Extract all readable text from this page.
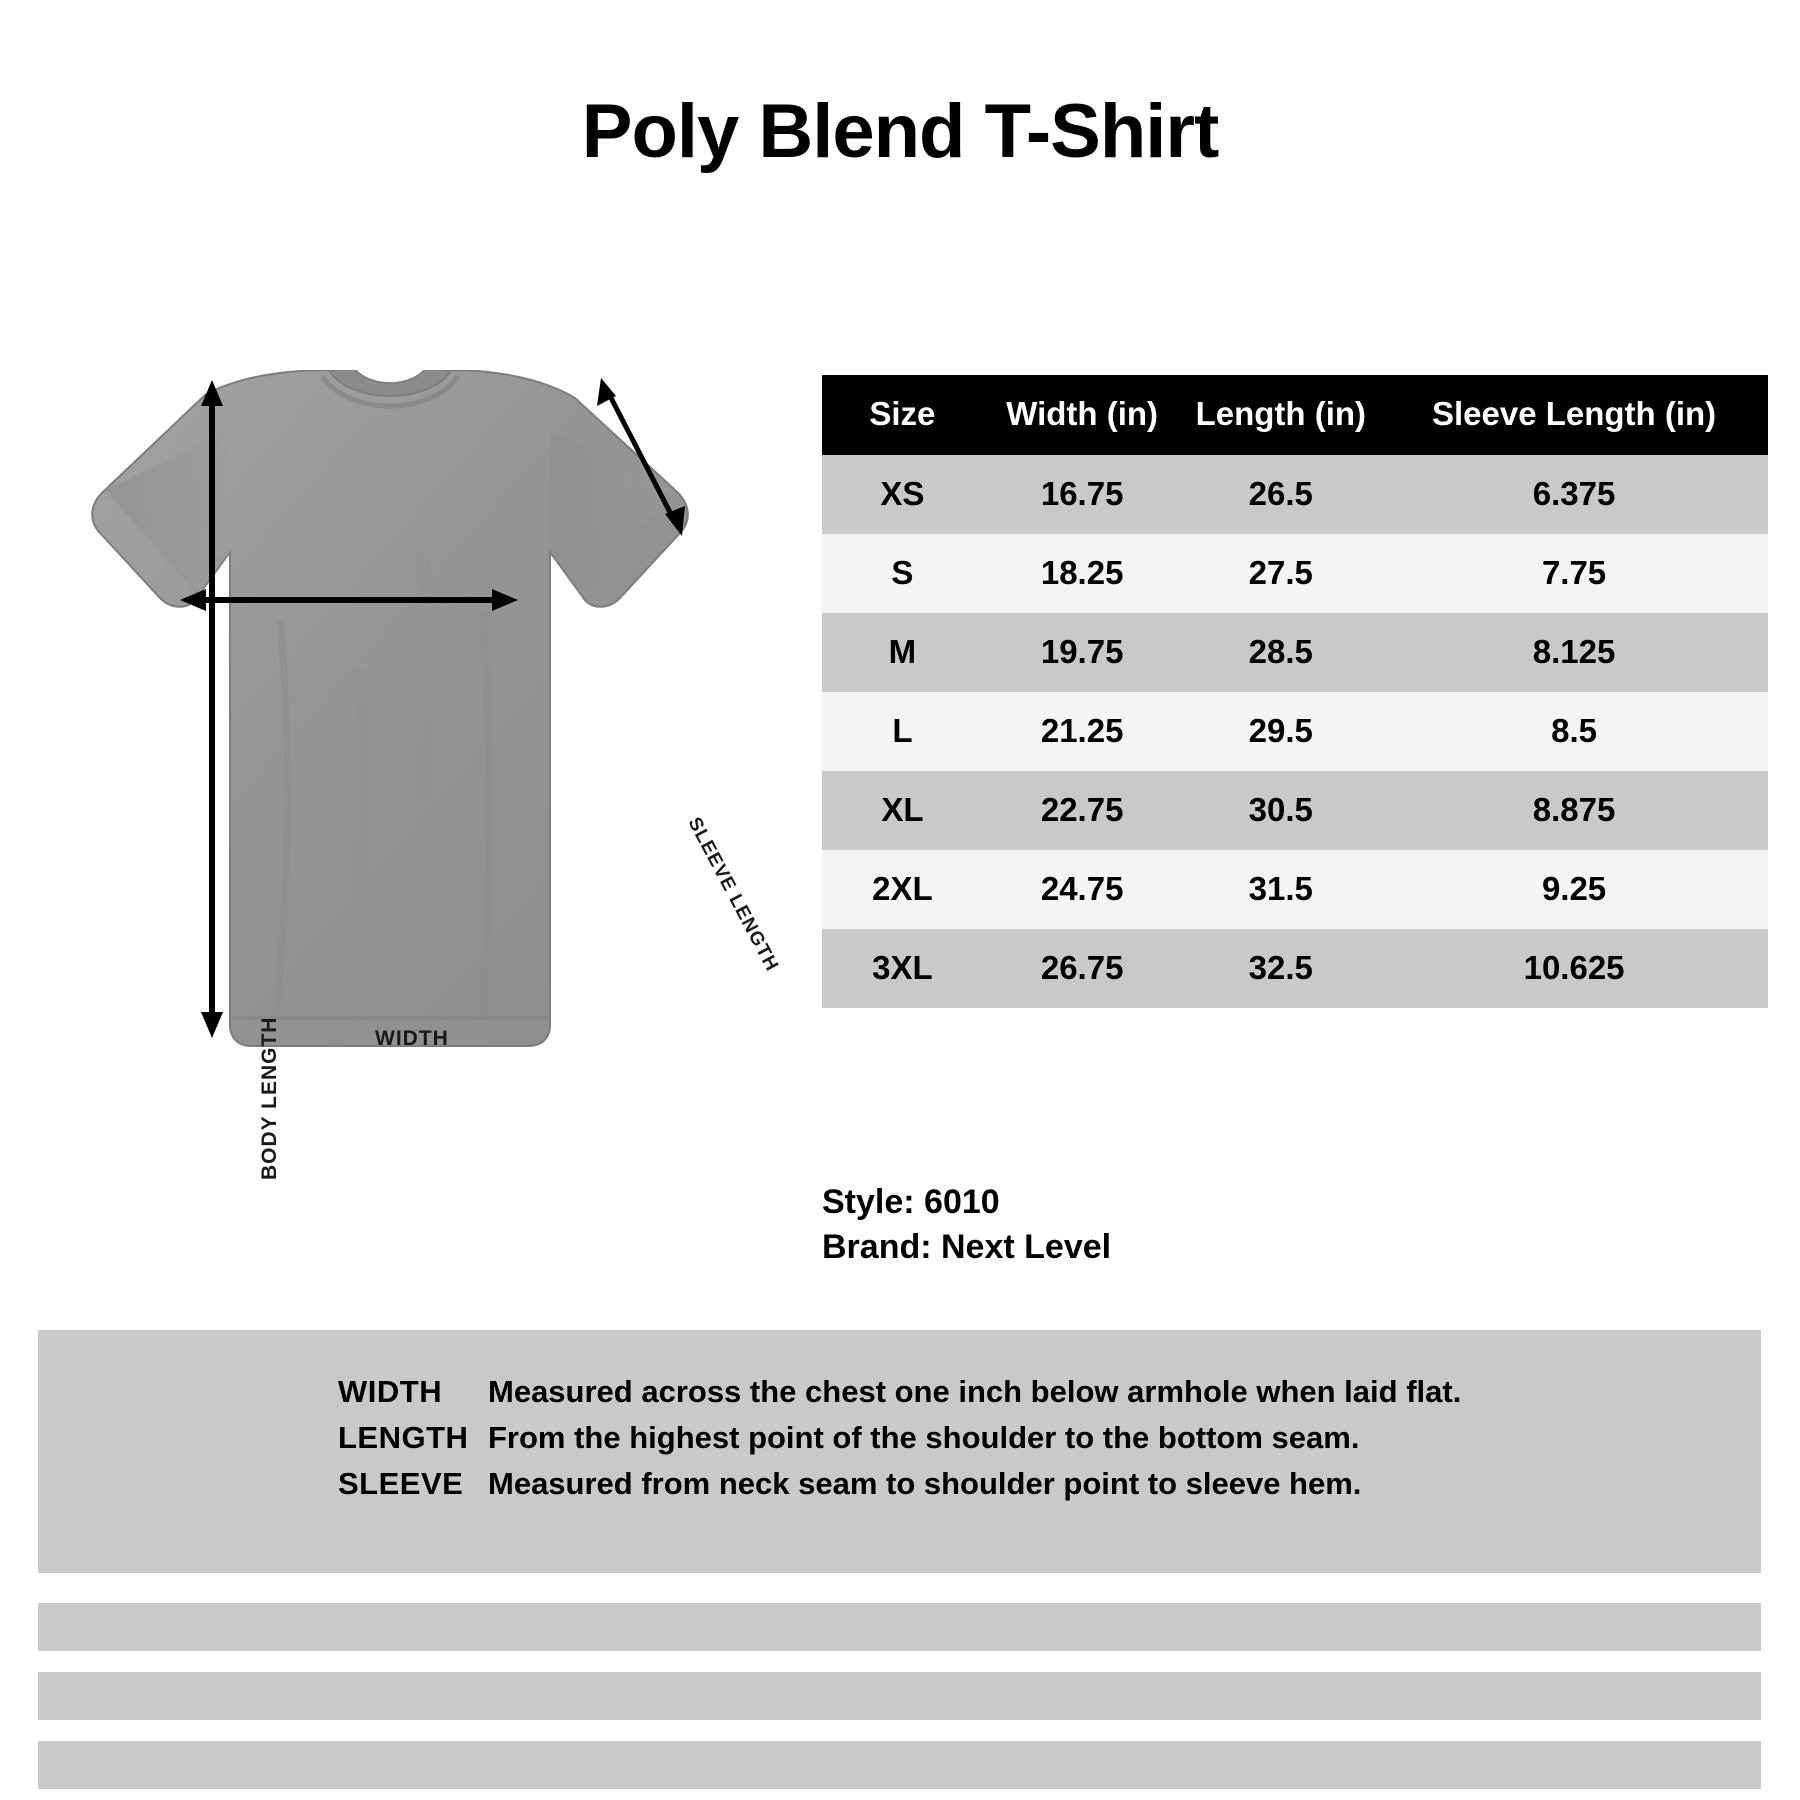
Poly Blend T-Shirt
WIDTH
BODY LENGTH
SLEEVE LENGTH
Size	Width (in)	Length (in)	Sleeve Length (in)
XS	16.75	26.5	6.375
S	18.25	27.5	7.75
M	19.75	28.5	8.125
L	21.25	29.5	8.5
XL	22.75	30.5	8.875
2XL	24.75	31.5	9.25
3XL	26.75	32.5	10.625
Style: 6010
Brand: Next Level
WIDTH	Measured across the chest one inch below armhole when laid flat.
LENGTH From the highest point of the shoulder to the bottom seam.
SLEEVE Measured from neck seam to shoulder point to sleeve hem.
